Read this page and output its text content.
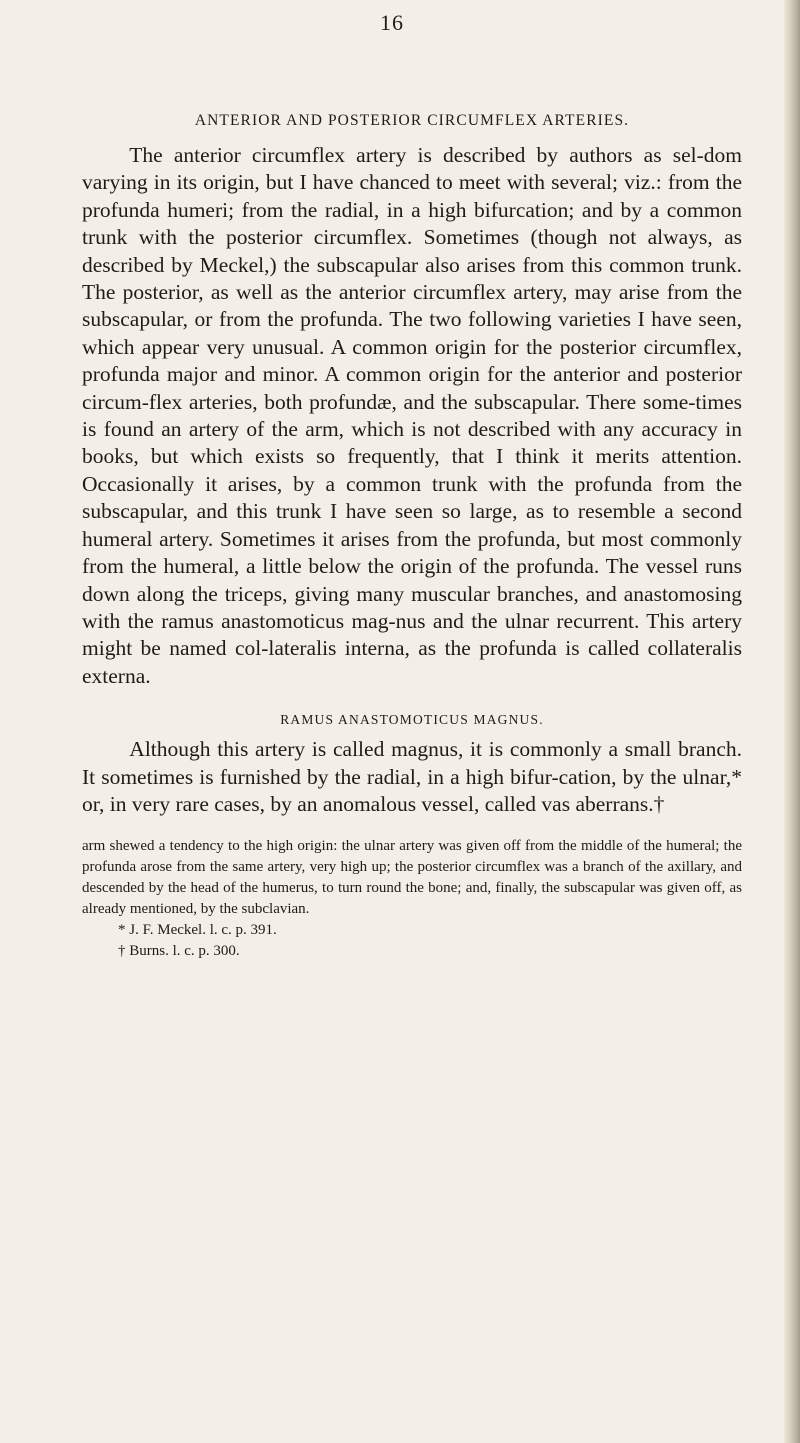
16
ANTERIOR AND POSTERIOR CIRCUMFLEX ARTERIES.

The anterior circumflex artery is described by authors as sel-dom varying in its origin, but I have chanced to meet with several; viz.: from the profunda humeri; from the radial, in a high bifurcation; and by a common trunk with the posterior circumflex. Sometimes (though not always, as described by Meckel,) the subscapular also arises from this common trunk. The posterior, as well as the anterior circumflex artery, may arise from the subscapular, or from the profunda. The two following varieties I have seen, which appear very unusual. A common origin for the posterior circumflex, profunda major and minor. A common origin for the anterior and posterior circum-flex arteries, both profundæ, and the subscapular. There some-times is found an artery of the arm, which is not described with any accuracy in books, but which exists so frequently, that I think it merits attention. Occasionally it arises, by a common trunk with the profunda from the subscapular, and this trunk I have seen so large, as to resemble a second humeral artery. Sometimes it arises from the profunda, but most commonly from the humeral, a little below the origin of the profunda. The vessel runs down along the triceps, giving many muscular branches, and anastomosing with the ramus anastomoticus mag-nus and the ulnar recurrent. This artery might be named col-lateralis interna, as the profunda is called collateralis externa.

RAMUS ANASTOMOTICUS MAGNUS.

Although this artery is called magnus, it is commonly a small branch. It sometimes is furnished by the radial, in a high bifur-cation, by the ulnar,* or, in very rare cases, by an anomalous vessel, called vas aberrans.†

arm shewed a tendency to the high origin: the ulnar artery was given off from the middle of the humeral; the profunda arose from the same artery, very high up; the posterior circumflex was a branch of the axillary, and descended by the head of the humerus, to turn round the bone; and, finally, the subscapular was given off, as already mentioned, by the subclavian.

* J. F. Meckel. l. c. p. 391.

† Burns. l. c. p. 300.
